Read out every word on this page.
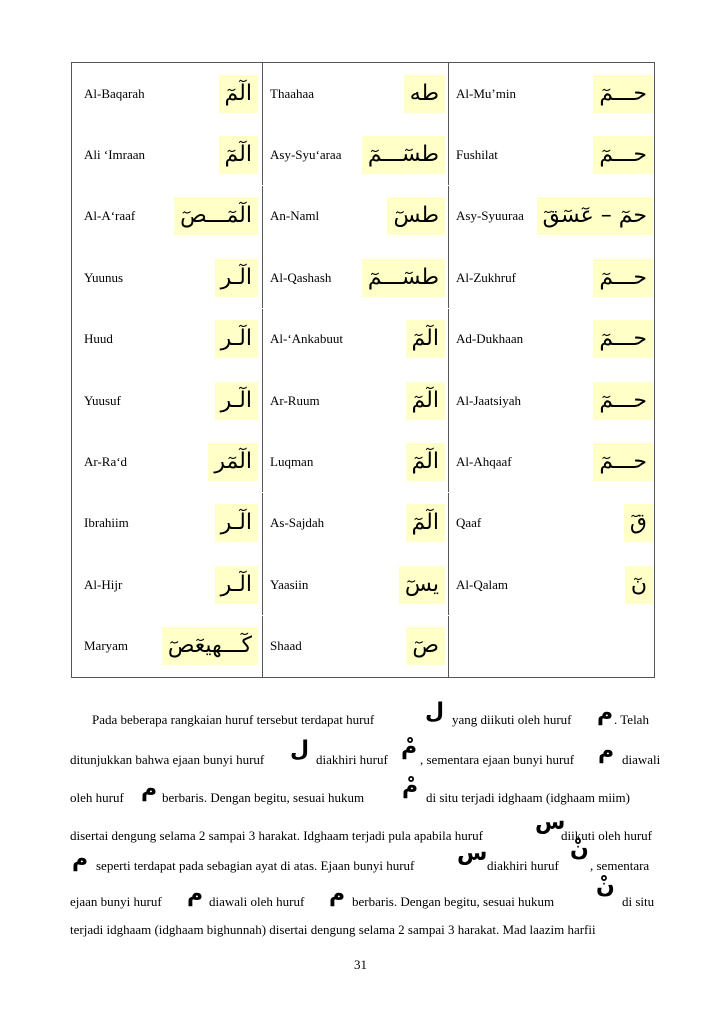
Al-Baqarah	الٓمٓ	Thaahaa	طه	Al-Mu’min	حـــمٓ
Ali ‘Imraan	الٓمٓ	Asy-Syu‘araa طسٓـــمٓ	Fushilat	حـــمٓ
Al-A‘raaf الٓمٓـــصٓ	An-Naml	طسٓ	Asy-Syuuraa حمٓ – عٓسٓقٓ
Yuunus	الٓـر	Al-Qashash طسٓـــمٓ	Al-Zukhruf	حـــمٓ
Huud	الٓـر	Al-‘Ankabuut	الٓمٓ	Ad-Dukhaan	حـــمٓ
Yuusuf	الٓـر	Ar-Ruum	الٓمٓ	Al-Jaatsiyah	حـــمٓ
Ar-Ra‘d	الٓمٓر	Luqman	الٓمٓ	Al-Ahqaaf	حـــمٓ
Ibrahiim	الٓـر	As-Sajdah	الٓمٓ	Qaaf	قٓ
Al-Hijr	الٓـر	Yaasiin	يسٓ	Al-Qalam	نٓ
Maryam كٓـــهيعٓصٓ	Shaad	صٓ
Pada beberapa rangkaian huruf tersebut terdapat huruf ل yang diikuti oleh huruf م . Telah
ditunjukkan bahwa ejaan bunyi huruf ل diakhiri huruf مْ , sementara ejaan bunyi huruf م diawali
oleh huruf م berbaris. Dengan begitu, sesuai hukum مْ di situ terjadi idghaam (idghaam miim)
disertai dengung selama 2 sampai 3 harakat. Idghaam terjadi pula apabila huruf
س
diikuti oleh huruf
م seperti terdapat pada sebagian ayat di atas. Ejaan bunyi huruf س diakhiri huruf
نْ
, sementara
ejaan bunyi huruf م diawali oleh huruf م berbaris. Dengan begitu, sesuai hukum
نْ
di situ
terjadi idghaam (idghaam bighunnah) disertai dengung selama 2 sampai 3 harakat. Mad laazim harfii
31
